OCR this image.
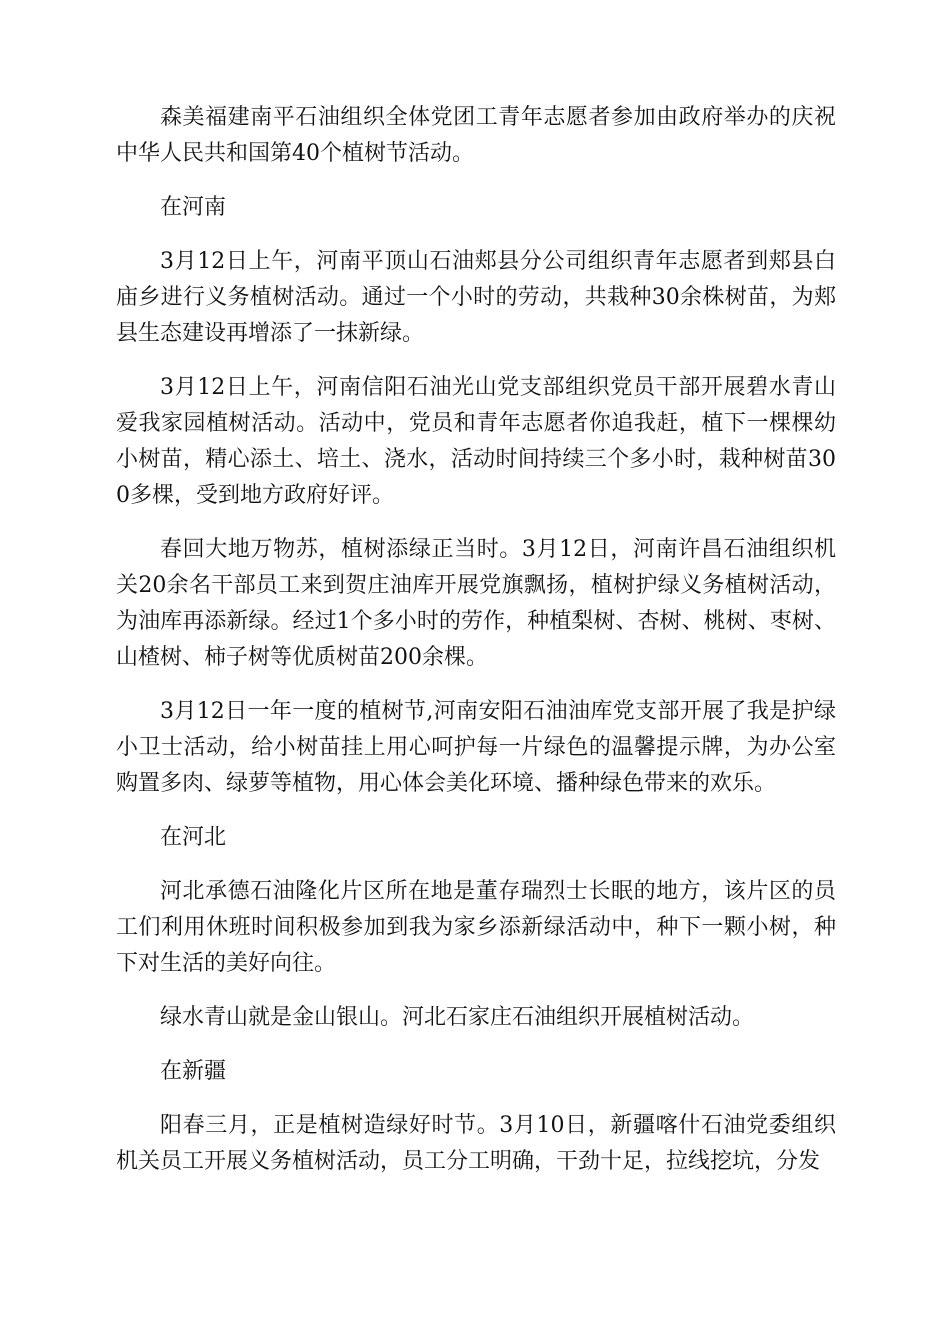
森美福建南平石油组织全体党团工青年志愿者参加由政府举办的庆祝中华人民共和国第40个植树节活动。

在河南

3月12日上午，河南平顶山石油郏县分公司组织青年志愿者到郏县白庙乡进行义务植树活动。通过一个小时的劳动，共栽种30余株树苗，为郏县生态建设再增添了一抹新绿。

3月12日上午，河南信阳石油光山党支部组织党员干部开展碧水青山爱我家园植树活动。活动中，党员和青年志愿者你追我赶，植下一棵棵幼小树苗，精心添土、培土、浇水，活动时间持续三个多小时，栽种树苗300多棵，受到地方政府好评。

春回大地万物苏，植树添绿正当时。3月12日，河南许昌石油组织机关20余名干部员工来到贺庄油库开展党旗飘扬，植树护绿义务植树活动，为油库再添新绿。经过1个多小时的劳作，种植梨树、杏树、桃树、枣树、山楂树、柿子树等优质树苗200余棵。

3月12日一年一度的植树节,河南安阳石油油库党支部开展了我是护绿小卫士活动，给小树苗挂上用心呵护每一片绿色的温馨提示牌，为办公室购置多肉、绿萝等植物，用心体会美化环境、播种绿色带来的欢乐。

在河北

河北承德石油隆化片区所在地是董存瑞烈士长眠的地方，该片区的员工们利用休班时间积极参加到我为家乡添新绿活动中，种下一颗小树，种下对生活的美好向往。

绿水青山就是金山银山。河北石家庄石油组织开展植树活动。

在新疆

阳春三月，正是植树造绿好时节。3月10日，新疆喀什石油党委组织机关员工开展义务植树活动，员工分工明确，干劲十足，拉线挖坑，分发
